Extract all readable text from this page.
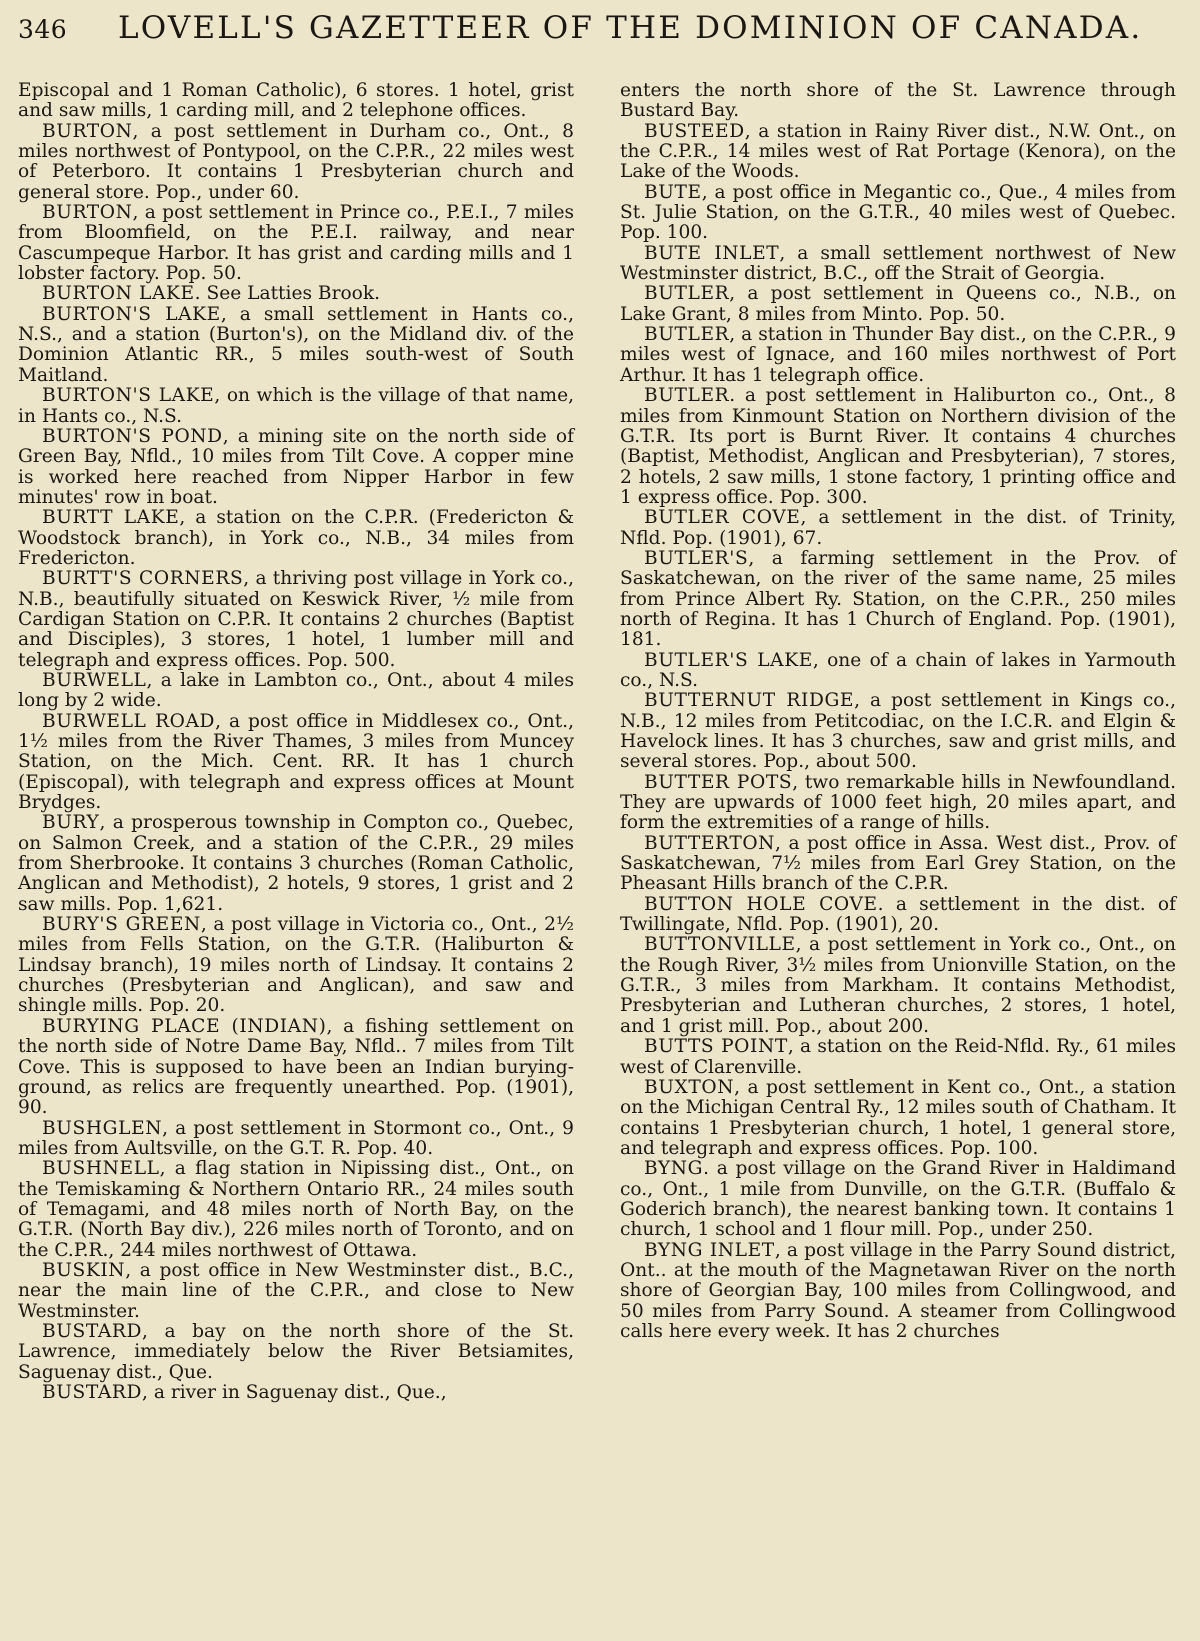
346	LOVELL'S GAZETTEER OF THE DOMINION OF CANADA.

Episcopal and 1 Roman Catholic), 6 stores. 1 hotel, grist and saw mills, 1 carding mill, and 2 telephone offices.

BURTON, a post settlement in Durham co., Ont., 8 miles northwest of Pontypool, on the C.P.R., 22 miles west of Peterboro. It contains 1 Presbyterian church and general store. Pop., under 60.

BURTON, a post settlement in Prince co., P.E.I., 7 miles from Bloomfield, on the P.E.I. railway, and near Cascumpeque Harbor. It has grist and carding mills and 1 lobster factory. Pop. 50.

BURTON LAKE. See Latties Brook.

BURTON'S LAKE, a small settlement in Hants co., N.S., and a station (Burton's), on the Midland div. of the Dominion Atlantic RR., 5 miles south-west of South Maitland.

BURTON'S LAKE, on which is the village of that name, in Hants co., N.S.

BURTON'S POND, a mining site on the north side of Green Bay, Nfld., 10 miles from Tilt Cove. A copper mine is worked here reached from Nipper Harbor in few minutes' row in boat.

BURTT LAKE, a station on the C.P.R. (Fredericton & Woodstock branch), in York co., N.B., 34 miles from Fredericton.

BURTT'S CORNERS, a thriving post village in York co., N.B., beautifully situated on Keswick River, ½ mile from Cardigan Station on C.P.R. It contains 2 churches (Baptist and Disciples), 3 stores, 1 hotel, 1 lumber mill and telegraph and express offices. Pop. 500.

BURWELL, a lake in Lambton co., Ont., about 4 miles long by 2 wide.

BURWELL ROAD, a post office in Middlesex co., Ont., 1½ miles from the River Thames, 3 miles from Muncey Station, on the Mich. Cent. RR. It has 1 church (Episcopal), with telegraph and express offices at Mount Brydges.

BURY, a prosperous township in Compton co., Quebec, on Salmon Creek, and a station of the C.P.R., 29 miles from Sherbrooke. It contains 3 churches (Roman Catholic, Anglican and Methodist), 2 hotels, 9 stores, 1 grist and 2 saw mills. Pop. 1,621.

BURY'S GREEN, a post village in Victoria co., Ont., 2½ miles from Fells Station, on the G.T.R. (Haliburton & Lindsay branch), 19 miles north of Lindsay. It contains 2 churches (Presbyterian and Anglican), and saw and shingle mills. Pop. 20.

BURYING PLACE (INDIAN), a fishing settlement on the north side of Notre Dame Bay, Nfld.. 7 miles from Tilt Cove. This is supposed to have been an Indian burying-ground, as relics are frequently unearthed. Pop. (1901), 90.

BUSHGLEN, a post settlement in Stormont co., Ont., 9 miles from Aultsville, on the G.T. R. Pop. 40.

BUSHNELL, a flag station in Nipissing dist., Ont., on the Temiskaming & Northern Ontario RR., 24 miles south of Temagami, and 48 miles north of North Bay, on the G.T.R. (North Bay div.), 226 miles north of Toronto, and on the C.P.R., 244 miles northwest of Ottawa.

BUSKIN, a post office in New Westminster dist., B.C., near the main line of the C.P.R., and close to New Westminster.

BUSTARD, a bay on the north shore of the St. Lawrence, immediately below the River Betsiamites, Saguenay dist., Que.

BUSTARD, a river in Saguenay dist., Que.,

enters the north shore of the St. Lawrence through Bustard Bay.

BUSTEED, a station in Rainy River dist., N.W. Ont., on the C.P.R., 14 miles west of Rat Portage (Kenora), on the Lake of the Woods.

BUTE, a post office in Megantic co., Que., 4 miles from St. Julie Station, on the G.T.R., 40 miles west of Quebec. Pop. 100.

BUTE INLET, a small settlement northwest of New Westminster district, B.C., off the Strait of Georgia.

BUTLER, a post settlement in Queens co., N.B., on Lake Grant, 8 miles from Minto. Pop. 50.

BUTLER, a station in Thunder Bay dist., on the C.P.R., 9 miles west of Ignace, and 160 miles northwest of Port Arthur. It has 1 telegraph office.

BUTLER. a post settlement in Haliburton co., Ont., 8 miles from Kinmount Station on Northern division of the G.T.R. Its port is Burnt River. It contains 4 churches (Baptist, Methodist, Anglican and Presbyterian), 7 stores, 2 hotels, 2 saw mills, 1 stone factory, 1 printing office and 1 express office. Pop. 300.

BUTLER COVE, a settlement in the dist. of Trinity, Nfld. Pop. (1901), 67.

BUTLER'S, a farming settlement in the Prov. of Saskatchewan, on the river of the same name, 25 miles from Prince Albert Ry. Station, on the C.P.R., 250 miles north of Regina. It has 1 Church of England. Pop. (1901), 181.

BUTLER'S LAKE, one of a chain of lakes in Yarmouth co., N.S.

BUTTERNUT RIDGE, a post settlement in Kings co., N.B., 12 miles from Petitcodiac, on the I.C.R. and Elgin & Havelock lines. It has 3 churches, saw and grist mills, and several stores. Pop., about 500.

BUTTER POTS, two remarkable hills in Newfoundland. They are upwards of 1000 feet high, 20 miles apart, and form the extremities of a range of hills.

BUTTERTON, a post office in Assa. West dist., Prov. of Saskatchewan, 7½ miles from Earl Grey Station, on the Pheasant Hills branch of the C.P.R.

BUTTON HOLE COVE. a settlement in the dist. of Twillingate, Nfld. Pop. (1901), 20.

BUTTONVILLE, a post settlement in York co., Ont., on the Rough River, 3½ miles from Unionville Station, on the G.T.R., 3 miles from Markham. It contains Methodist, Presbyterian and Lutheran churches, 2 stores, 1 hotel, and 1 grist mill. Pop., about 200.

BUTTS POINT, a station on the Reid-Nfld. Ry., 61 miles west of Clarenville.

BUXTON, a post settlement in Kent co., Ont., a station on the Michigan Central Ry., 12 miles south of Chatham. It contains 1 Presbyterian church, 1 hotel, 1 general store, and telegraph and express offices. Pop. 100.

BYNG. a post village on the Grand River in Haldimand co., Ont., 1 mile from Dunville, on the G.T.R. (Buffalo & Goderich branch), the nearest banking town. It contains 1 church, 1 school and 1 flour mill. Pop., under 250.

BYNG INLET, a post village in the Parry Sound district, Ont.. at the mouth of the Magnetawan River on the north shore of Georgian Bay, 100 miles from Collingwood, and 50 miles from Parry Sound. A steamer from Collingwood calls here every week. It has 2 churches
